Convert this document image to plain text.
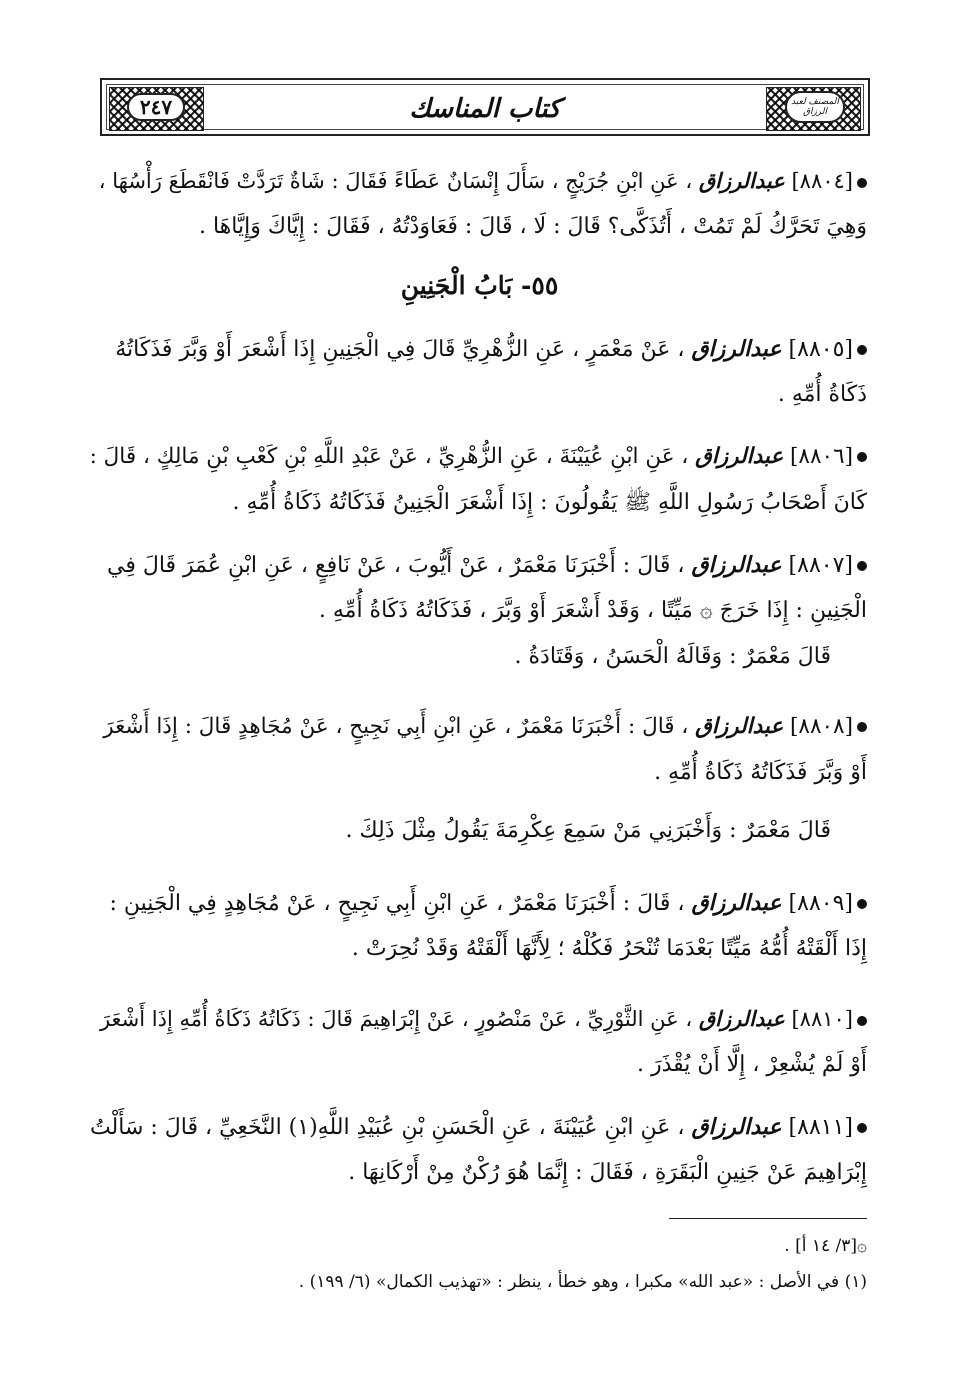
المصنف لعبد الرزاق
٢٤٧	كتاب المناسك
[٨٨٠٤] عبدالرزاق ، عَنِ ابْنِ جُرَيْجٍ ، سَأَلَ إِنْسَانٌ عَطَاءً فَقَالَ : شَاةٌ تَرَدَّتْ فَانْقَطَعَ رَأْسُهَا ،
وَهِيَ تَحَرَّكُ لَمْ تَمُتْ ، أَتُذَكَّى؟ قَالَ : لَا ، قَالَ : فَعَاوَدْتُهُ ، فَقَالَ : إِيَّاكَ وَإِيَّاهَا .
٥٥- بَابُ الْجَنِينِ
[٨٨٠٥] عبدالرزاق ، عَنْ مَعْمَرٍ ، عَنِ الزُّهْرِيِّ قَالَ فِي الْجَنِينِ إِذَا أَشْعَرَ أَوْ وَبَّرَ فَذَكَاتُهُ
ذَكَاةُ أُمِّهِ .
[٨٨٠٦] عبدالرزاق ، عَنِ ابْنِ عُيَيْنَةَ ، عَنِ الزُّهْرِيِّ ، عَنْ عَبْدِ اللَّهِ بْنِ كَعْبِ بْنِ مَالِكٍ ، قَالَ :
كَانَ أَصْحَابُ رَسُولِ اللَّهِ ﷺ يَقُولُونَ : إِذَا أَشْعَرَ الْجَنِينُ فَذَكَاتُهُ ذَكَاةُ أُمِّهِ .
[٨٨٠٧] عبدالرزاق ، قَالَ : أَخْبَرَنَا مَعْمَرٌ ، عَنْ أَيُّوبَ ، عَنْ نَافِعٍ ، عَنِ ابْنِ عُمَرَ قَالَ فِي
الْجَنِينِ : إِذَا خَرَجَ ۞ مَيِّتًا ، وَقَدْ أَشْعَرَ أَوْ وَبَّرَ ، فَذَكَاتُهُ ذَكَاةُ أُمِّهِ .
قَالَ مَعْمَرٌ : وَقَالَهُ الْحَسَنُ ، وَقَتَادَةُ .
[٨٨٠٨] عبدالرزاق ، قَالَ : أَخْبَرَنَا مَعْمَرٌ ، عَنِ ابْنِ أَبِي نَجِيحٍ ، عَنْ مُجَاهِدٍ قَالَ : إِذَا أَشْعَرَ
أَوْ وَبَّرَ فَذَكَاتُهُ ذَكَاةُ أُمِّهِ .
قَالَ مَعْمَرٌ : وَأَخْبَرَنِي مَنْ سَمِعَ عِكْرِمَةَ يَقُولُ مِثْلَ ذَلِكَ .
[٨٨٠٩] عبدالرزاق ، قَالَ : أَخْبَرَنَا مَعْمَرٌ ، عَنِ ابْنِ أَبِي نَجِيحٍ ، عَنْ مُجَاهِدٍ فِي الْجَنِينِ :
إِذَا أَلْقَتْهُ أُمُّهُ مَيِّتًا بَعْدَمَا تُنْحَرُ فَكُلْهُ ؛ لِأَنَّهَا أَلْقَتْهُ وَقَدْ نُحِرَتْ .
[٨٨١٠] عبدالرزاق ، عَنِ الثَّوْرِيِّ ، عَنْ مَنْصُورٍ ، عَنْ إِبْرَاهِيمَ قَالَ : ذَكَاتُهُ ذَكَاةُ أُمِّهِ إِذَا أَشْعَرَ
أَوْ لَمْ يُشْعِرْ ، إِلَّا أَنْ يُقْذَرَ .
[٨٨١١] عبدالرزاق ، عَنِ ابْنِ عُيَيْنَةَ ، عَنِ الْحَسَنِ بْنِ عُبَيْدِ اللَّهِ(١) النَّخَعِيِّ ، قَالَ : سَأَلْتُ
إِبْرَاهِيمَ عَنْ جَنِينِ الْبَقَرَةِ ، فَقَالَ : إِنَّمَا هُوَ رُكْنٌ مِنْ أَرْكَانِهَا .
۞[٣/ ١٤ أ] .
(١) في الأصل : «عبد الله» مكبرا ، وهو خطأ ، ينظر : «تهذيب الكمال» (٦/ ١٩٩) .
